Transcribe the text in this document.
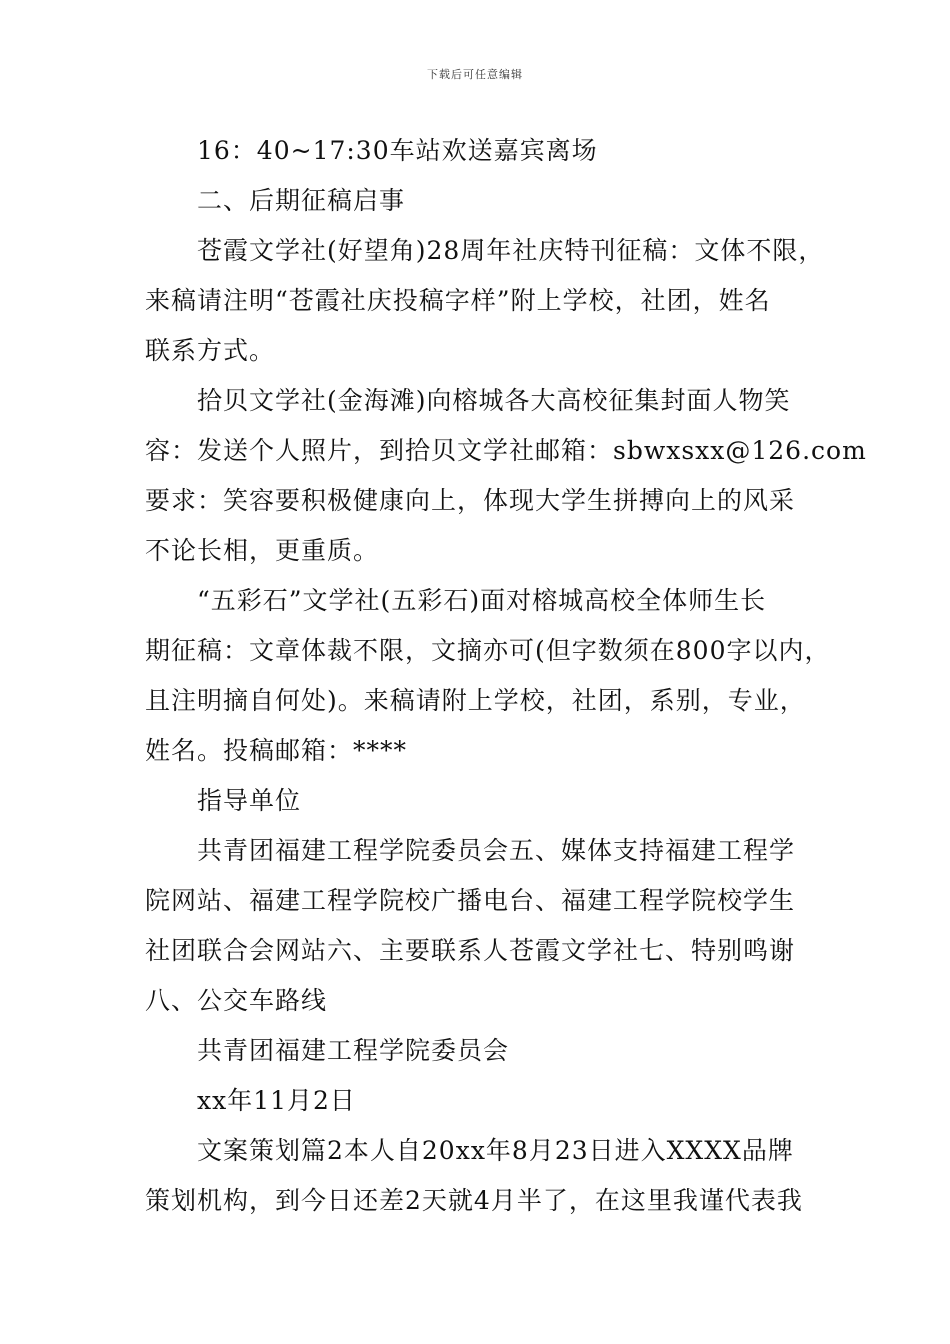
下载后可任意编辑
16：40~17:30车站欢送嘉宾离场
二、后期征稿启事
苍霞文学社(好望角)28周年社庆特刊征稿：文体不限，
来稿请注明“苍霞社庆投稿字样”附上学校，社团，姓名
联系方式。
拾贝文学社(金海滩)向榕城各大高校征集封面人物笑
容：发送个人照片，到拾贝文学社邮箱：sbwxsxx@126.com
要求：笑容要积极健康向上，体现大学生拼搏向上的风采
不论长相，更重质。
“五彩石”文学社(五彩石)面对榕城高校全体师生长
期征稿：文章体裁不限，文摘亦可(但字数须在800字以内，
且注明摘自何处)。来稿请附上学校，社团，系别，专业，
姓名。投稿邮箱：****
指导单位
共青团福建工程学院委员会五、媒体支持福建工程学
院网站、福建工程学院校广播电台、福建工程学院校学生
社团联合会网站六、主要联系人苍霞文学社七、特别鸣谢
八、公交车路线
共青团福建工程学院委员会
xx年11月2日
文案策划篇2本人自20xx年8月23日进入XXXX品牌
策划机构，到今日还差2天就4月半了，在这里我谨代表我
